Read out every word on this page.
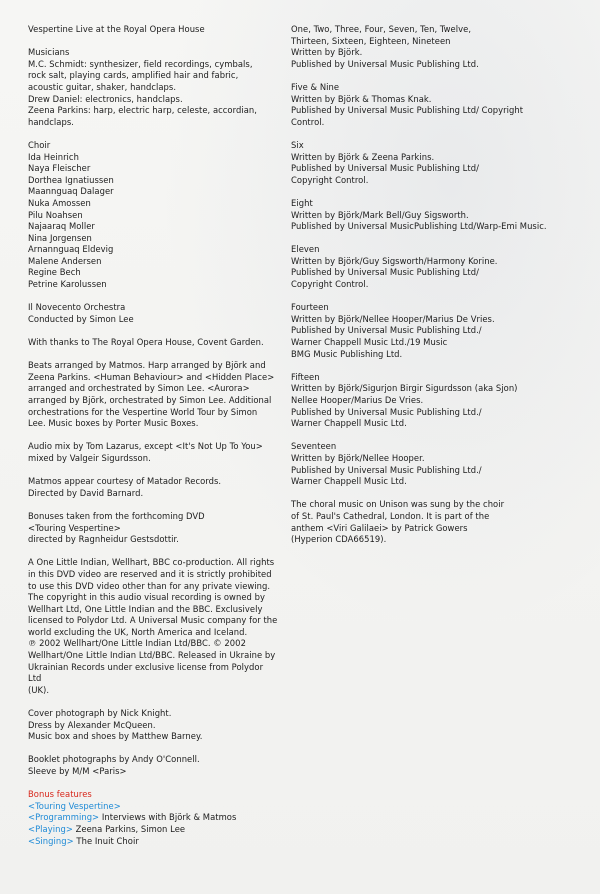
Vespertine Live at the Royal Opera House

Musicians
M.C. Schmidt: synthesizer, field recordings, cymbals,
rock salt, playing cards, amplified hair and fabric,
acoustic guitar, shaker, handclaps.
Drew Daniel: electronics, handclaps.
Zeena Parkins: harp, electric harp, celeste, accordian,
handclaps.

Choir
Ida Heinrich
Naya Fleischer
Dorthea Ignatiussen
Maannguaq Dalager
Nuka Amossen
Pilu Noahsen
Najaaraq Moller
Nina Jorgensen
Arnannguaq Eldevig
Malene Andersen
Regine Bech
Petrine Karolussen

Il Novecento Orchestra
Conducted by Simon Lee

With thanks to The Royal Opera House, Covent Garden.

Beats arranged by Matmos. Harp arranged by Björk and
Zeena Parkins. <Human Behaviour> and <Hidden Place>
arranged and orchestrated by Simon Lee. <Aurora>
arranged by Björk, orchestrated by Simon Lee. Additional
orchestrations for the Vespertine World Tour by Simon
Lee. Music boxes by Porter Music Boxes.

Audio mix by Tom Lazarus, except <It's Not Up To You>
mixed by Valgeir Sigurdsson.

Matmos appear courtesy of Matador Records.
Directed by David Barnard.

Bonuses taken from the forthcoming DVD
<Touring Vespertine>
directed by Ragnheidur Gestsdottir.

A One Little Indian, Wellhart, BBC co-production. All rights
in this DVD video are reserved and it is strictly prohibited
to use this DVD video other than for any private viewing.
The copyright in this audio visual recording is owned by
Wellhart Ltd, One Little Indian and the BBC. Exclusively
licensed to Polydor Ltd. A Universal Music company for the
world excluding the UK, North America and Iceland.
℗ 2002 Wellhart/One Little Indian Ltd/BBC. © 2002
Wellhart/One Little Indian Ltd/BBC. Released in Ukraine by
Ukrainian Records under exclusive license from Polydor Ltd
(UK).

Cover photograph by Nick Knight.
Dress by Alexander McQueen.
Music box and shoes by Matthew Barney.

Booklet photographs by Andy O'Connell.
Sleeve by M/M <Paris>

Bonus features
<Touring Vespertine>
<Programming> Interviews with Björk & Matmos
<Playing> Zeena Parkins, Simon Lee
<Singing> The Inuit Choir

One, Two, Three, Four, Seven, Ten, Twelve,
Thirteen, Sixteen, Eighteen, Nineteen
Written by Björk.
Published by Universal Music Publishing Ltd.

Five & Nine
Written by Björk & Thomas Knak.
Published by Universal Music Publishing Ltd/ Copyright
Control.

Six
Written by Björk & Zeena Parkins.
Published by Universal Music Publishing Ltd/
Copyright Control.

Eight
Written by Björk/Mark Bell/Guy Sigsworth.
Published by Universal MusicPublishing Ltd/Warp-Emi Music.

Eleven
Written by Björk/Guy Sigsworth/Harmony Korine.
Published by Universal Music Publishing Ltd/
Copyright Control.

Fourteen
Written by Björk/Nellee Hooper/Marius De Vries.
Published by Universal Music Publishing Ltd./
Warner Chappell Music Ltd./19 Music
BMG Music Publishing Ltd.

Fifteen
Written by Björk/Sigurjon Birgir Sigurdsson (aka Sjon)
Nellee Hooper/Marius De Vries.
Published by Universal Music Publishing Ltd./
Warner Chappell Music Ltd.

Seventeen
Written by Björk/Nellee Hooper.
Published by Universal Music Publishing Ltd./
Warner Chappell Music Ltd.

The choral music on Unison was sung by the choir
of St. Paul's Cathedral, London. It is part of the
anthem <Viri Galilaei> by Patrick Gowers
(Hyperion CDA66519).
